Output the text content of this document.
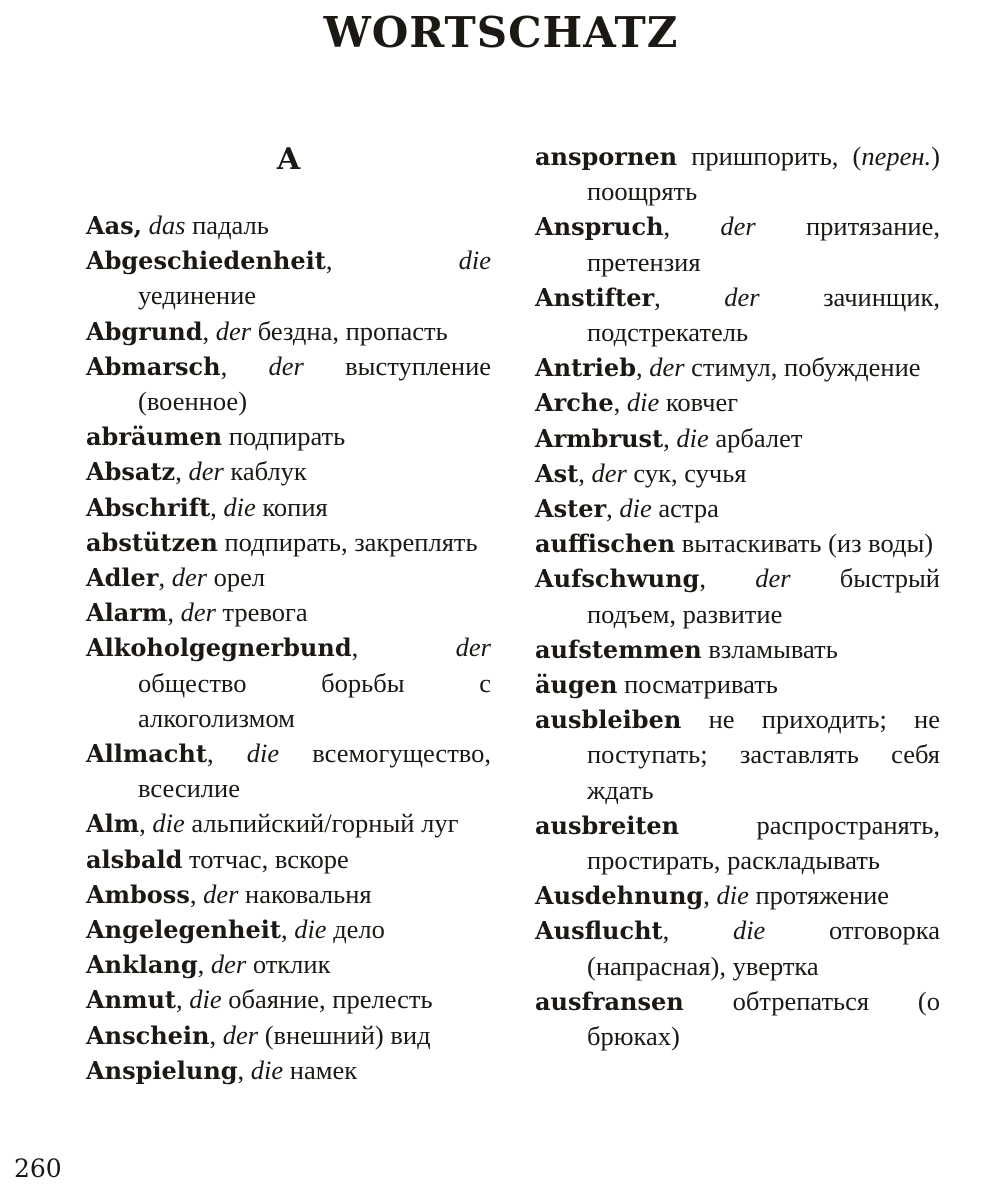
WORTSCHATZ
A

Aas, das падаль

Abgeschiedenheit,	die уединение

Abgrund, der бездна, пропасть

Abmarsch, der выступление (военное)

abräumen подпирать

Absatz, der каблук

Abschrift, die копия

abstützen подпирать, закреплять

Adler, der орел

Alarm, der тревога

Alkoholgegnerbund,	der общество борьбы с алкоголизмом

Allmacht, die всемогущество, всесилие

Alm, die альпийский/горный луг

alsbald тотчас, вскоре

Amboss, der наковальня

Angelegenheit, die дело

Anklang, der отклик

Anmut, die обаяние, прелесть

Anschein, der (внешний) вид

Anspielung, die намек

anspornen пришпорить, (перен.) поощрять

Anspruch, der притязание, претензия

Anstifter, der зачинщик, подстрекатель

Antrieb, der стимул, побуждение

Arche, die ковчег

Armbrust, die арбалет

Ast, der сук, сучья

Aster, die астра

auffischen вытаскивать (из воды)

Aufschwung, der быстрый подъем, развитие

aufstemmen взламывать

äugen посматривать

ausbleiben не приходить; не поступать; заставлять себя ждать

ausbreiten	распространять, простирать, раскладывать

Ausdehnung, die протяжение

Ausflucht, die отговорка (напрасная), увертка

ausfransen обтрепаться (о брюках)

260
